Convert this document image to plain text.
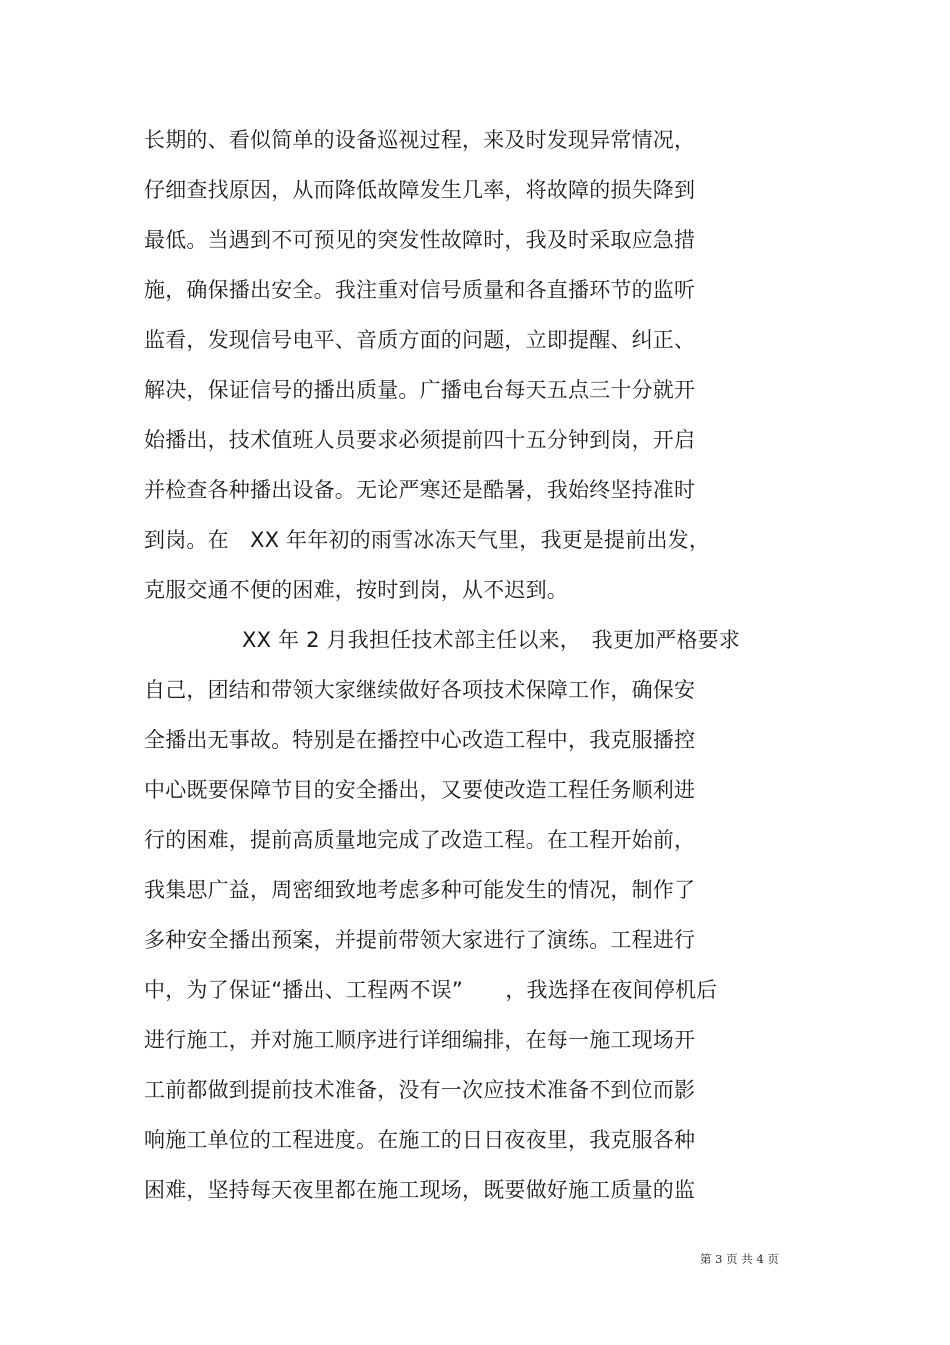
长期的、看似简单的设备巡视过程，来及时发现异常情况，
仔细查找原因，从而降低故障发生几率，将故障的损失降到
最低。当遇到不可预见的突发性故障时，我及时采取应急措
施，确保播出安全。我注重对信号质量和各直播环节的监听
监看，发现信号电平、音质方面的问题，立即提醒、纠正、
解决，保证信号的播出质量。广播电台每天五点三十分就开
始播出，技术值班人员要求必须提前四十五分钟到岗，开启
并检查各种播出设备。无论严寒还是酷暑，我始终坚持准时
到岗。在　XX 年年初的雨雪冰冻天气里，我更是提前出发，
克服交通不便的困难，按时到岗，从不迟到。
XX 年 2 月我担任技术部主任以来，　我更加严格要求
自己，团结和带领大家继续做好各项技术保障工作，确保安
全播出无事故。特别是在播控中心改造工程中，我克服播控
中心既要保障节目的安全播出，又要使改造工程任务顺利进
行的困难，提前高质量地完成了改造工程。在工程开始前，
我集思广益，周密细致地考虑多种可能发生的情况，制作了
多种安全播出预案，并提前带领大家进行了演练。工程进行
中，为了保证“播出、工程两不误”　　，我选择在夜间停机后
进行施工，并对施工顺序进行详细编排，在每一施工现场开
工前都做到提前技术准备，没有一次应技术准备不到位而影
响施工单位的工程进度。在施工的日日夜夜里，我克服各种
困难，坚持每天夜里都在施工现场，既要做好施工质量的监
第 3 页 共 4 页
